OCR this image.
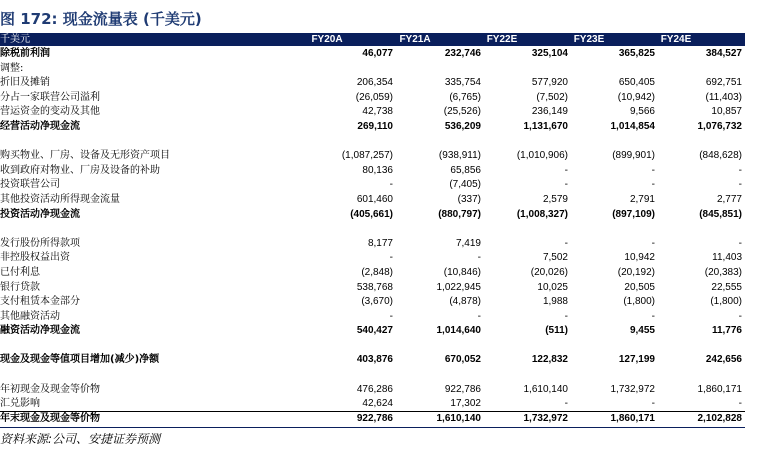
图 172: 现金流量表 (千美元)
千美元	FY20A	FY21A	FY22E	FY23E	FY24E
除税前利润	46,077	232,746	325,104	365,825	384,527
调整:
折旧及摊销	206,354	335,754	577,920	650,405	692,751
分占一家联营公司溢利	(26,059)	(6,765)	(7,502)	(10,942)	(11,403)
营运资金的变动及其他	42,738	(25,526)	236,149	9,566	10,857
经营活动净现金流	269,110	536,209	1,131,670	1,014,854	1,076,732
购买物业、厂房、设备及无形资产项目	(1,087,257)	(938,911)	(1,010,906)	(899,901)	(848,628)
收到政府对物业、厂房及设备的补助	80,136	65,856	-	-	-
投资联营公司	-	(7,405)	-	-	-
其他投资活动所得现金流量	601,460	(337)	2,579	2,791	2,777
投资活动净现金流	(405,661)	(880,797)	(1,008,327)	(897,109)	(845,851)
发行股份所得款项	8,177	7,419	-	-	-
非控股权益出资	-	-	7,502	10,942	11,403
已付利息	(2,848)	(10,846)	(20,026)	(20,192)	(20,383)
银行贷款	538,768	1,022,945	10,025	20,505	22,555
支付租赁本金部分	(3,670)	(4,878)	1,988	(1,800)	(1,800)
其他融资活动	-	-	-	-	-
融资活动净现金流	540,427	1,014,640	(511)	9,455	11,776
现金及现金等值项目增加(减少)净额	403,876	670,052	122,832	127,199	242,656
年初现金及现金等价物	476,286	922,786	1,610,140	1,732,972	1,860,171
汇兑影响	42,624	17,302	-	-	-
年末现金及现金等价物	922,786	1,610,140	1,732,972	1,860,171	2,102,828
资料来源:公司、安捷证券预测
